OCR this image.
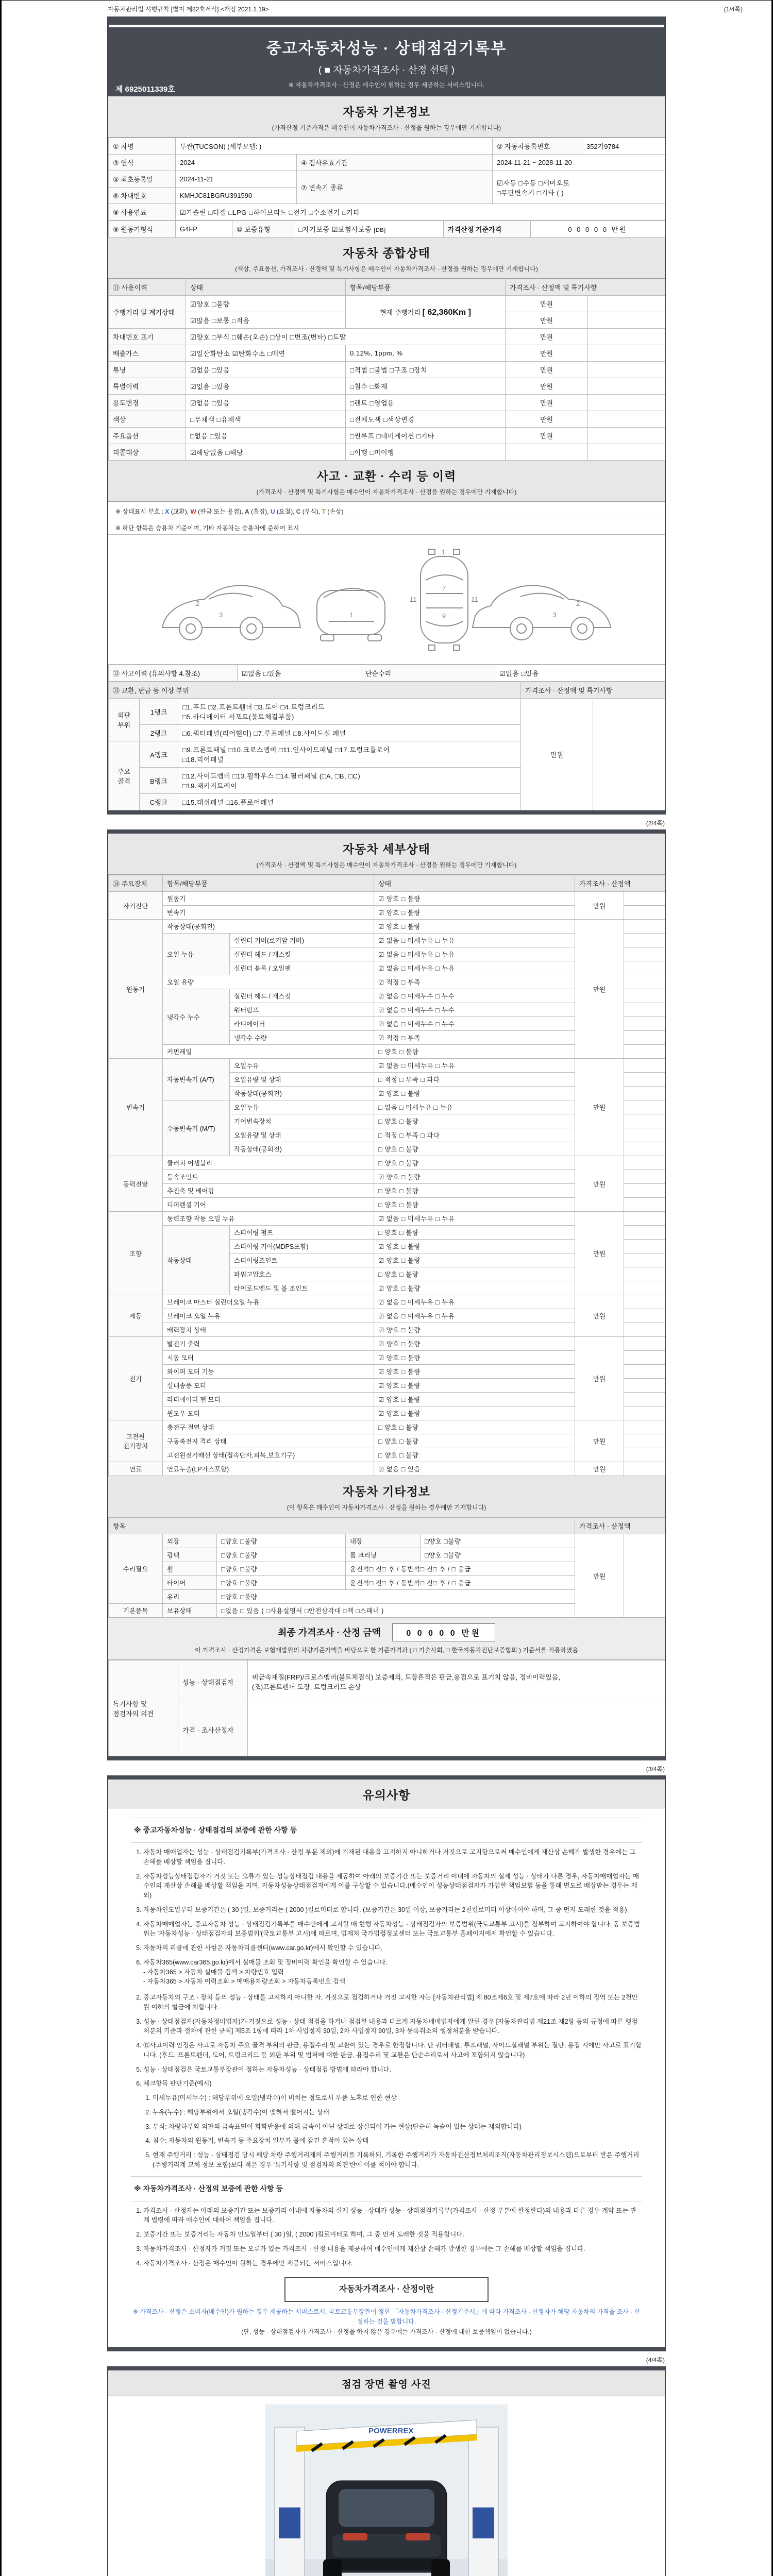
자동차관리법 시행규칙 [별지 제82호서식] <개정 2021.1.19>	(1/4쪽)
중고자동차성능 · 상태점검기록부
( ■ 자동차가격조사 · 산정 선택 )
※ 자동차가격조사 · 산정은 매수인이 원하는 경우 제공하는 서비스입니다.
제 6925011339호
자동차 기본정보
(가격산정 기준가격은 매수인이 자동차가격조사 · 산정을 원하는 경우에만 기재합니다)
① 차명	투싼(TUCSON) (세부모델: )		② 자동차등록번호	352가9784
③ 연식	2024	④ 검사유효기간	2024-11-21 ~ 2028-11-20	
⑤ 최초등록일	2024-11-21	⑦ 변속기 종류	☑자동 □수동 □세미오토
□무단변속기 □기타 ( )	

⑥ 차대번호	KMHJC81BGRU391590			
⑧ 사용연료	☑가솔린 □디젤 □LPG □하이브리드 □전기 □수소전기 □기타			
⑨ 원동기형식	G4FP	⑩ 보증유형	□자기보증 ☑보험사보증 [DB]	가격산정 기준가격	0 0 0 0 0 만원
자동차 종합상태
(색상, 주요옵션, 가격조사 · 산정액 및 특기사항은 매수인이 자동차가격조사 · 산정을 원하는 경우에만 기재합니다)
⑪ 사용이력	상태	항목/해당부품	가격조사 · 산정액 및 특기사항	
주행거리 및 계기상태	☑양호 □불량	현재 주행거리 [ 62,360Km ]	만원	
	☑많음 □보통 □적음		만원	
차대번호 표기	☑양호 □부식 □훼손(오손) □상이 □변조(변타) □도말		만원	
배출가스	☑일산화탄소 ☑탄화수소 □매연	0.12%, 1ppm, %	만원	
튜닝	☑없음 □있음	□적법 □불법 □구조 □장치	만원	
특별이력	☑없음 □있음	□침수 □화재	만원	
용도변경	☑없음 □있음	□렌트 □영업용	만원	
색상	□무채색 □유채색	□전체도색 □색상변경	만원	
주요옵션	□없음 □있음	□썬루프 □네비게이션 □기타	만원	
리콜대상	☑해당없음 □해당	□이행 □미이행		
사고 · 교환 · 수리 등 이력
(가격조사 · 산정액 및 특기사항은 매수인이 자동차가격조사 · 산정을 원하는 경우에만 기재합니다)
※ 상태표시 부호 : X (교환), W (판금 또는 용접), A (흠집), U (요철), C (부식), T (손상)
※ 하단 항목은 승용차 기준이며, 기타 자동차는 승용차에 준하여 표시
3
2
1
11	11
7
9
1
3
2
⑫ 사고이력 (유의사항 4.참조)	☑없음 □있음	단순수리	☑없음 □있음
⑬ 교환, 판금 등 이상 부위			가격조사 · 산정액 및 특기사항	
외판 부위	1랭크	□1.후드 □2.프론트휀더 □3.도어 □4.트렁크리드
□5.라디에이터 서포트(볼트체결부품)	만원	
	2랭크	□6.쿼터패널(리어휀더) □7.루프패널 □8.사이드실 패널		
주요 골격	A랭크	□9.프론트패널 □10.크로스멤버 □11.인사이드패널 □17.트렁크플로어
□18.리어패널		
	B랭크	□12.사이드멤버 □13.휠하우스 □14.필러패널 (□A, □B, □C)
□19.패키지트레이		
	C랭크	□15.대쉬패널 □16.플로어패널		
(2/4쪽)
자동차 세부상태
(가격조사 · 산정액 및 특기사항은 매수인이 자동차가격조사 · 산정을 원하는 경우에만 기재합니다)
⑭ 주요장치	항목/해당부품		상태	가격조사 · 산정액	
자기진단	원동기		☑ 양호 □ 불량	만원	
	변속기		☑ 양호 □ 불량		
원동기	작동상태(공회전)		☑ 양호 □ 불량	만원	
	오일 누유	실린더 커버(로커암 커버)	☑ 없음 □ 미세누유 □ 누유		
		실린더 헤드 / 개스킷	☑ 없음 □ 미세누유 □ 누유		
		실린더 블록 / 오일팬	☑ 없음 □ 미세누유 □ 누유		
	오일 유량		☑ 적정 □ 부족		
	냉각수 누수	실린더 헤드 / 개스킷	☑ 없음 □ 미세누수 □ 누수		
		워터펌프	☑ 없음 □ 미세누수 □ 누수		
		라디에이터	☑ 없음 □ 미세누수 □ 누수		
		냉각수 수량	☑ 적정 □ 부족		
	커먼레일		□ 양호 □ 불량		
변속기	자동변속기 (A/T)	오일누유	☑ 없음 □ 미세누유 □ 누유	만원	
		오일유량 및 상태	□ 적정 □ 부족 □ 과다		
		작동상태(공회전)	☑ 양호 □ 불량		
	수동변속기 (M/T)	오일누유	□ 없음 □ 미세누유 □ 누유		
		기어변속장치	□ 양호 □ 불량		
		오일유량 및 상태	□ 적정 □ 부족 □ 과다		
		작동상태(공회전)	□ 양호 □ 불량		
동력전달	클러치 어셈블리		□ 양호 □ 불량	만원	
	등속조인트		☑ 양호 □ 불량		
	추진축 및 베어링		□ 양호 □ 불량		
	디퍼렌셜 기어		□ 양호 □ 불량		
조향	동력조향 작동 오일 누유		☑ 없음 □ 미세누유 □ 누유	만원	
	작동상태	스티어링 펌프	□ 양호 □ 불량		
		스티어링 기어(MDPS포함)	☑ 양호 □ 불량		
		스티어링조인트	☑ 양호 □ 불량		
		파워고압호스	□ 양호 □ 불량		
		타이로드엔드 및 볼 조인트	☑ 양호 □ 불량		
제동	브레이크 마스터 실린더오일 누유		☑ 없음 □ 미세누유 □ 누유	만원	
	브레이크 오일 누유		☑ 없음 □ 미세누유 □ 누유		
	배력장치 상태		☑ 양호 □ 불량		
전기	발전기 출력		☑ 양호 □ 불량	만원	
	시동 모터		☑ 양호 □ 불량		
	와이퍼 모터 기능		☑ 양호 □ 불량		
	실내송풍 모터		☑ 양호 □ 불량		
	라디에이터 팬 모터		☑ 양호 □ 불량		
	윈도우 모터		☑ 양호 □ 불량		
고전원
전기장치	충전구 절연 상태		□ 양호 □ 불량	만원	
	구동축전지 격리 상태		□ 양호 □ 불량		
	고전원전기배선 상태(접속단자,피복,보호기구)		□ 양호 □ 불량		
연료	연료누출(LP가스포함)		☑ 없음 □ 있음	만원	
자동차 기타정보
(이 항목은 매수인이 자동차가격조사 · 산정을 원하는 경우에만 기재합니다)
항목					가격조사 · 산정액	
수리필요	외장	□양호 □불량	내장	□양호 □불량	만원	
	광택	□양호 □불량	룸 크리닝	□양호 □불량		
	휠	□양호 □불량	운전석□ 전□ 후 / 동반석□ 전□ 후 / □ 응급			
	타이어	□양호 □불량	운전석□ 전□ 후 / 동반석□ 전□ 후 / □ 응급			
	유리	□양호 □불량				
기본품목	보유상태	□없음 □ 있음 ( □사용설명서 □안전삼각대 □잭 □스패너 )				
최종 가격조사 · 산정 금액	0 0 0 0 0 만원
이 가격조사 · 산정가격은 보험개발원의 차량기준가액을 바탕으로 한 기준가격과 ( □ 기술사회, □ 한국자동차진단보증협회 ) 기준서를 적용하였음
특기사항 및 점검자의 의견	성능 · 상태점검자	비금속재질(FRP)/크로스멤버(볼트체결식) 보증제외, 도장흔적은 판금,용접으로 표기치 않음, 정비이력있음,
(조)프론트펜더 도장, 트렁크리드 손상
	가격 · 조사산정자	
(3/4쪽)
유의사항
※ 중고자동차성능 · 상태점검의 보증에 관한 사항 등
1. 자동차 매매업자는 성능 · 상태점검기록부(가격조사 · 산정 부분 제외)에 기재된 내용을 고지하지 아니하거나 거짓으로 고지함으로써 매수인에게 재산상 손해가 발생한 경우에는 그 손해를 배상할 책임을 집니다.
2. 자동차성능상태점검자가 거짓 또는 오류가 있는 성능상태점검 내용을 제공하여 아래의 보증기간 또는 보증거리 이내에 자동차의 실제 성능 · 상태가 다른 경우, 자동차매매업자는 매수인의 재산상 손해를 배상할 책임을 지며, 자동차성능상태점검자에게 이를 구상할 수 있습니다.(매수인이 성능상태점검자가 가입한 책임보험 등을 통해 별도로 배상받는 경우는 제외)
3. 자동차인도일부터 보증기간은 ( 30 )일, 보증거리는 ( 2000 )킬로미터로 합니다. (보증기간은 30일 이상, 보증거리는 2천킬로미터 이상이어야 하며, 그 중 먼저 도래한 것을 적용)
4. 자동차매매업자는 중고자동차 성능 · 상태점검기록부를 매수인에게 고지할 때 현행 자동차성능 · 상태점검자의 보증범위(국토교통부 고시)를 첨부하여 고지하여야 합니다. 동 보증범위는 '자동차성능 · 상태점검자의 보증범위'(국토교통부 고시)에 따르며, 법제처 국가법령정보센터 또는 국토교통부 홈페이지에서 확인할 수 있습니다.
5. 자동차의 리콜에 관한 사항은 자동차리콜센터(www.car.go.kr)에서 확인할 수 있습니다.
6. 자동차365(www.car365.go.kr)에서 실매물 조회 및 정비이력 확인을 확인할 수 있습니다.
- 자동차365 > 자동차 실매물 검색 > 차량번호 입력
- 자동차365 > 자동차 이력조회 > 매매용차량조회 > 자동차등록번호 검색
2. 중고자동차의 구조 · 장치 등의 성능 · 상태를 고지하지 아니한 자, 거짓으로 점검하거나 거짓 고지한 자는 [자동차관리법] 제 80조제6호 및 제7호에 따라 2년 이하의 징역 또는 2천만원 이하의 벌금에 처합니다.
3. 성능 · 상태점검자(자동차정비업자)가 거짓으로 성능 · 상태 점검을 하거나 점검한 내용과 다르게 자동차매매업자에게 알린 경우 [자동차관리법 제21조 제2항 등의 규정에 따른 행정처분의 기준과 절차에 관한 규칙] 제5조 1항에 따라 1차 사업정지 30일, 2차 사업정지 90일, 3차 등록취소의 행정처분을 받습니다.
4. ⑫사고이력 인정은 사고로 자동차 주요 골격 부위의 판금, 용접수리 및 교환이 있는 경우로 한정합니다. 단 쿼터패널, 루프패널, 사이드실패널 부위는 절단, 용접 시에만 사고로 표기합니다. (후드, 프론트펜더, 도어, 트렁크리드 등 외판 부위 및 범퍼에 대한 판금, 용접수리 및 교환은 단순수리로서 사고에 포함되지 않습니다)
5. 성능 · 상태점검은 국토교통부장관이 정하는 자동차성능 · 상태점검 방법에 따라야 합니다.
6. 체크항목 판단기준(예시)
1. 미세누유(미세누수) : 해당부위에 오일(냉각수)이 비치는 정도로서 부품 노후로 인한 현상
2. 누유(누수) : 해당부위에서 오일(냉각수)이 맺혀서 떨어지는 상태
3. 부식: 차량하부와 외판의 금속표면이 화학반응에 의해 금속이 아닌 상태로 상실되어 가는 현상(단순히 녹슬어 있는 상태는 제외합니다)
4. 침수: 자동차의 원동기, 변속기 등 주요장치 일부가 물에 잠긴 흔적이 있는 상태
5. 현재 주행거리 : 성능 · 상태점검 당시 해당 차량 주행거리계의 주행거리를 기록하되, 기록한 주행거리가 자동차전산정보처리조직(자동차관리정보시스템)으로부터 받은 주행거리(주행거리계 교체 정보 포함)보다 적은 경우 '특기사항 및 점검자의 의견'란에 이를 적어야 합니다.
※ 자동차가격조사 · 산정의 보증에 관한 사항 등
1. 가격조사 · 산정자는 아래의 보증기간 또는 보증거리 이내에 자동차의 실제 성능 · 상태가 성능 · 상태점검기록부(가격조사 · 산정 부분에 한정한다)의 내용과 다른 경우 계약 또는 관계 법령에 따라 매수인에 대하여 책임을 집니다.
2. 보증기간 또는 보증거리는 자동차 인도일부터 ( 30 )일, ( 2000 )킬로미터로 하며, 그 중 먼저 도래한 것을 적용합니다.
3. 자동차가격조사 · 산정자가 거짓 또는 오류가 있는 가격조사 · 산정 내용을 제공하여 매수인에게 재산상 손해가 발생한 경우에는 그 손해를 배상할 책임을 집니다.
4. 자동차가격조사 · 산정은 매수인이 원하는 경우에만 제공되는 서비스입니다.
자동차가격조사 · 산정이란
※ 가격조사 · 산정은 소비자(매수인)가 원하는 경우 제공하는 서비스로서, 국토교통부장관이 정한 「자동차가격조사 · 산정기준서」에 따라 가격조사 · 산정자가 해당 자동차의 가격을 조사 · 산정하는 것을 말합니다.
(단, 성능 · 상태점검자가 가격조사 · 산정을 하지 않은 경우에는 가격조사 · 산정에 대한 보증책임이 없습니다.)
(4/4쪽)
점검 장면 촬영 사진
POWERREX
